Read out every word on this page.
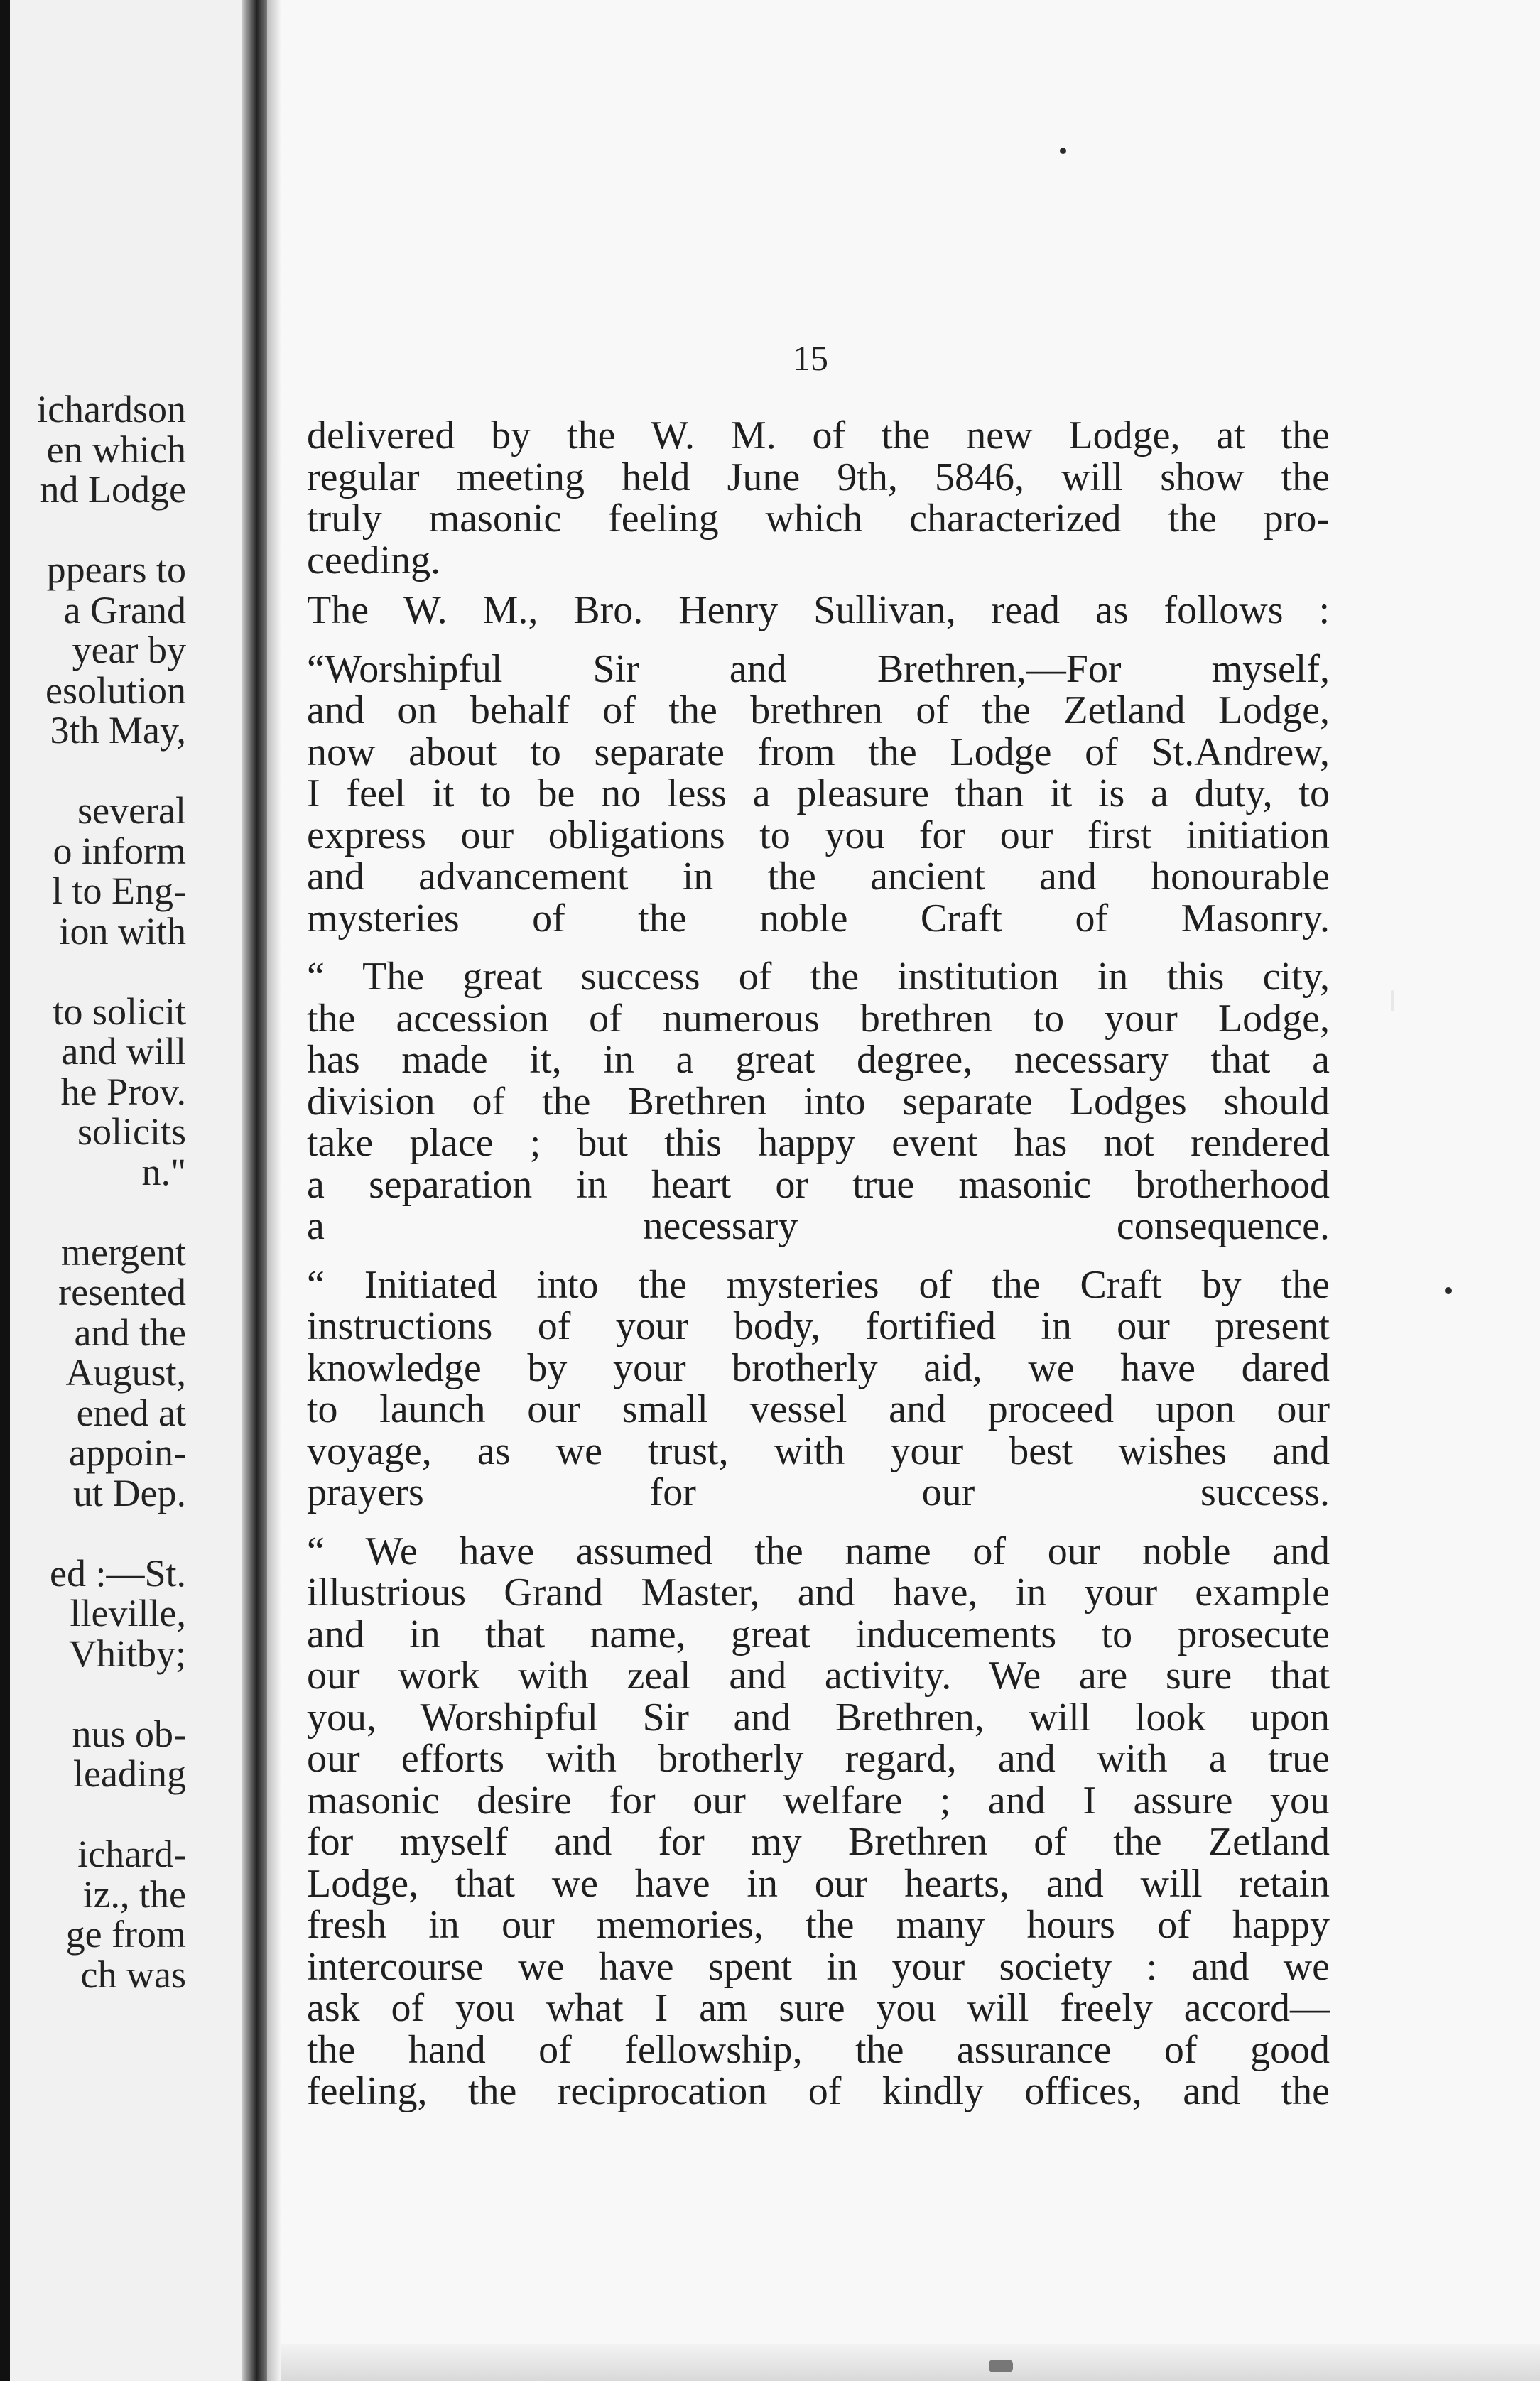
ichardson
en which
nd Lodge
ppears to
a Grand
year by
esolution
3th May,
several
o inform
l to Eng-
ion with
to solicit
and will
he Prov.
solicits
n."
mergent
resented
and the
August,
ened at
appoin-
ut Dep.
ed :—St.
lleville,
Vhitby;
nus ob-
leading
ichard-
iz., the
ge from
ch was
15
delivered by the W. M. of the new Lodge, at the
regular meeting held June 9th, 5846, will show the
truly masonic feeling which characterized the pro-
ceeding.
The W. M., Bro. Henry Sullivan, read as follows :
“Worshipful Sir and Brethren,—For myself,
and on behalf of the brethren of the Zetland Lodge,
now about to separate from the Lodge of St.Andrew,
I feel it to be no less a pleasure than it is a duty, to
express our obligations to you for our first initiation
and advancement in the ancient and honourable
mysteries of the noble Craft of Masonry.
“ The great success of the institution in this city,
the accession of numerous brethren to your Lodge,
has made it, in a great degree, necessary that a
division of the Brethren into separate Lodges should
take place ; but this happy event has not rendered
a separation in heart or true masonic brotherhood
a necessary consequence.
“ Initiated into the mysteries of the Craft by the
instructions of your body, fortified in our present
knowledge by your brotherly aid, we have dared
to launch our small vessel and proceed upon our
voyage, as we trust, with your best wishes and
prayers for our success.
“ We have assumed the name of our noble and
illustrious Grand Master, and have, in your example
and in that name, great inducements to prosecute
our work with zeal and activity. We are sure that
you, Worshipful Sir and Brethren, will look upon
our efforts with brotherly regard, and with a true
masonic desire for our welfare ; and I assure you
for myself and for my Brethren of the Zetland
Lodge, that we have in our hearts, and will retain
fresh in our memories, the many hours of happy
intercourse we have spent in your society : and we
ask of you what I am sure you will freely accord—
the hand of fellowship, the assurance of good
feeling, the reciprocation of kindly offices, and the
